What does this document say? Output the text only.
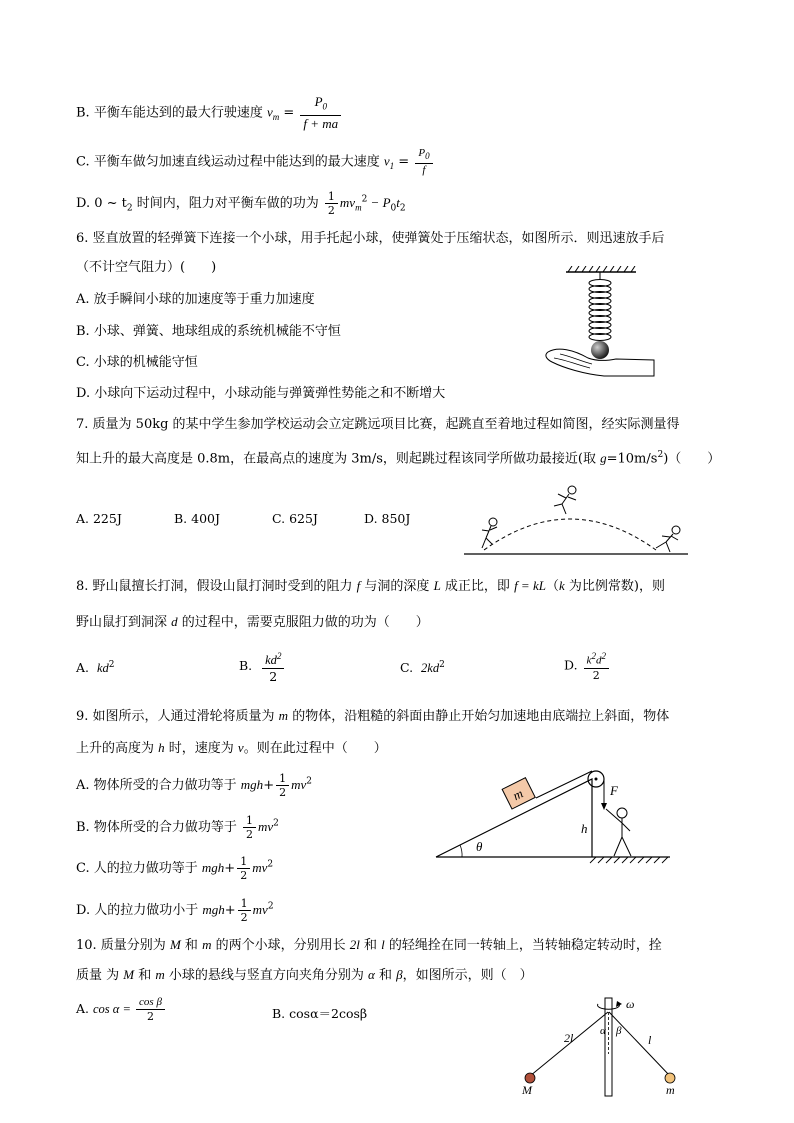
B. 平衡车能达到的最大行驶速度 $v_m = \frac{P_0}{f + ma}$
C. 平衡车做匀加速直线运动过程中能达到的最大速度 $v_1 = \frac{P_0}{f}$
D. 0 ~ $t_2$ 时间内，阻力对平衡车做的功为 $\frac{1}{2} mv_m^2 - P_0t_2$
6. 竖直放置的轻弹簧下连接一个小球，用手托起小球，使弹簧处于压缩状态，如图所示．则迅速放手后
（不计空气阻力）(　　)
A. 放手瞬间小球的加速度等于重力加速度
B. 小球、弹簧、地球组成的系统机械能不守恒
C. 小球的机械能守恒
D. 小球向下运动过程中，小球动能与弹簧弹性势能之和不断增大
7. 质量为 50kg 的某中学生参加学校运动会立定跳远项目比赛，起跳直至着地过程如简图，经实际测量得
知上升的最大高度是 0.8m，在最高点的速度为 3m/s，则起跳过程该同学所做功最接近(取 $g=10m/s^2$)（　　）
A. 225J	B. 400J	C. 625J	D. 850J
8. 野山鼠擅长打洞，假设山鼠打洞时受到的阻力 f 与洞的深度 L 成正比，即 f = kL（k 为比例常数)，则
野山鼠打到洞深 d 的过程中，需要克服阻力做的功为（　　）
A. $kd^2$	B. $\frac{kd^2}{2}$	C. $2kd^2$	D. $\frac{k^2d^2}{2}$
9. 如图所示，人通过滑轮将质量为 m 的物体，沿粗糙的斜面由静止开始匀加速地由底端拉上斜面，物体
上升的高度为 h 时，速度为 v。则在此过程中（　　）
A. 物体所受的合力做功等于 $mgh+ \frac{1}{2} mv^2$
B. 物体所受的合力做功等于 $\frac{1}{2} mv^2$
C. 人的拉力做功等于 $mgh+ \frac{1}{2} mv^2$
D. 人的拉力做功小于 $mgh+ \frac{1}{2} mv^2$
θ
m	F
h
10. 质量分别为 M 和 m 的两个小球，分别用长 2l 和 l 的轻绳拴在同一转轴上，当转轴稳定转动时，拴
质量 为 M 和 m 小球的悬线与竖直方向夹角分别为 α 和 β，如图所示，则（　）
A. $\cos \alpha = \frac{\text{cos β}}{2}$	B. cosα＝2cosβ
ω
2l	l
α β
M	m
